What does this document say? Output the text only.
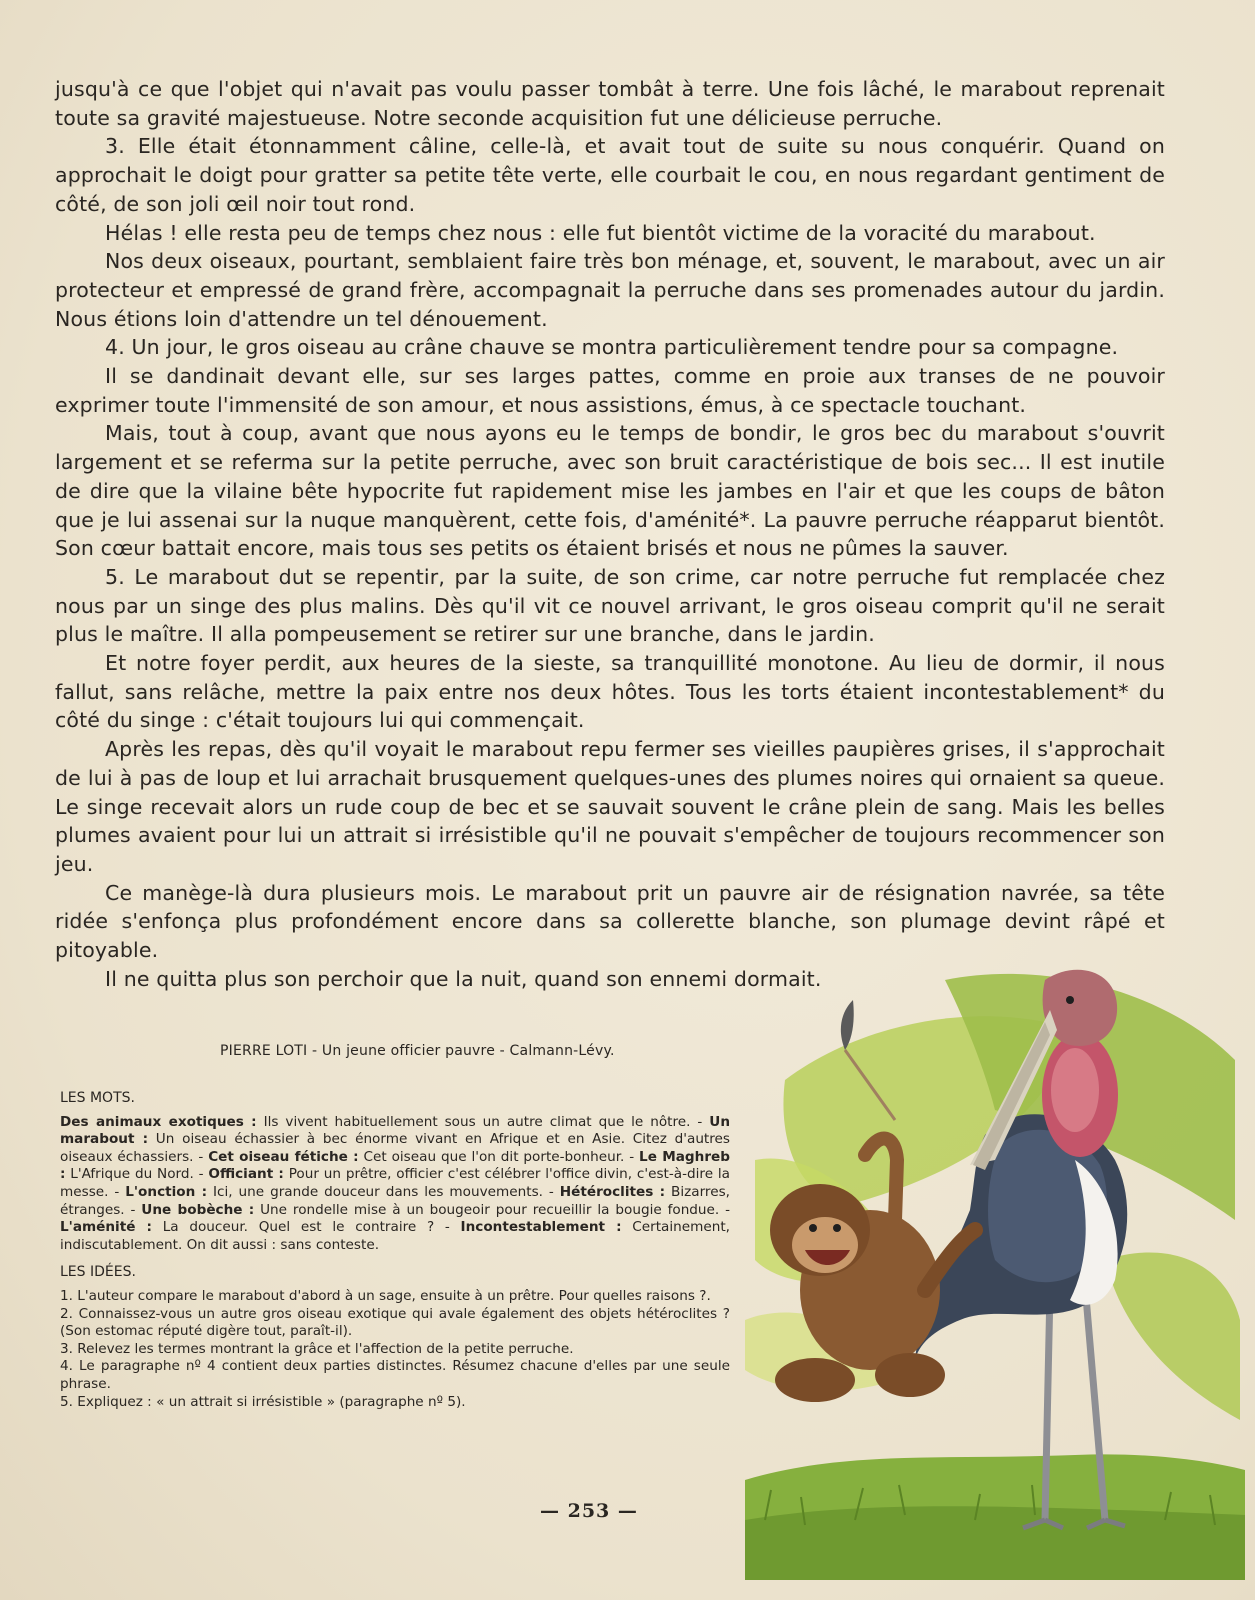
jusqu'à ce que l'objet qui n'avait pas voulu passer tombât à terre. Une fois lâché, le marabout reprenait toute sa gravité majestueuse. Notre seconde acquisition fut une délicieuse perruche.

3. Elle était étonnamment câline, celle-là, et avait tout de suite su nous conquérir. Quand on approchait le doigt pour gratter sa petite tête verte, elle courbait le cou, en nous regardant gentiment de côté, de son joli œil noir tout rond.

Hélas ! elle resta peu de temps chez nous : elle fut bientôt victime de la voracité du marabout.

Nos deux oiseaux, pourtant, semblaient faire très bon ménage, et, souvent, le marabout, avec un air protecteur et empressé de grand frère, accompagnait la perruche dans ses promenades autour du jardin. Nous étions loin d'attendre un tel dénouement.

4. Un jour, le gros oiseau au crâne chauve se montra particulièrement tendre pour sa compagne.

Il se dandinait devant elle, sur ses larges pattes, comme en proie aux transes de ne pouvoir exprimer toute l'immensité de son amour, et nous assistions, émus, à ce spectacle touchant.

Mais, tout à coup, avant que nous ayons eu le temps de bondir, le gros bec du marabout s'ouvrit largement et se referma sur la petite perruche, avec son bruit caractéristique de bois sec... Il est inutile de dire que la vilaine bête hypocrite fut rapidement mise les jambes en l'air et que les coups de bâton que je lui assenai sur la nuque manquèrent, cette fois, d'aménité*. La pauvre perruche réapparut bientôt. Son cœur battait encore, mais tous ses petits os étaient brisés et nous ne pûmes la sauver.

5. Le marabout dut se repentir, par la suite, de son crime, car notre perruche fut remplacée chez nous par un singe des plus malins. Dès qu'il vit ce nouvel arrivant, le gros oiseau comprit qu'il ne serait plus le maître. Il alla pompeusement se retirer sur une branche, dans le jardin.

Et notre foyer perdit, aux heures de la sieste, sa tranquillité monotone. Au lieu de dormir, il nous fallut, sans relâche, mettre la paix entre nos deux hôtes. Tous les torts étaient incontestablement* du côté du singe : c'était toujours lui qui commençait.

Après les repas, dès qu'il voyait le marabout repu fermer ses vieilles paupières grises, il s'approchait de lui à pas de loup et lui arrachait brusquement quelques-unes des plumes noires qui ornaient sa queue. Le singe recevait alors un rude coup de bec et se sauvait souvent le crâne plein de sang. Mais les belles plumes avaient pour lui un attrait si irrésistible qu'il ne pouvait s'empêcher de toujours recommencer son jeu.

Ce manège-là dura plusieurs mois. Le marabout prit un pauvre air de résignation navrée, sa tête ridée s'enfonça plus profondément encore dans sa collerette blanche, son plumage devint râpé et pitoyable.

Il ne quitta plus son perchoir que la nuit, quand son ennemi dormait.

PIERRE LOTI - Un jeune officier pauvre - Calmann-Lévy.

LES MOTS.

Des animaux exotiques : Ils vivent habituellement sous un autre climat que le nôtre. - Un marabout : Un oiseau échassier à bec énorme vivant en Afrique et en Asie. Citez d'autres oiseaux échassiers. - Cet oiseau fétiche : Cet oiseau que l'on dit porte-bonheur. - Le Maghreb : L'Afrique du Nord. - Officiant : Pour un prêtre, officier c'est célébrer l'office divin, c'est-à-dire la messe. - L'onction : Ici, une grande douceur dans les mouvements. - Hétéroclites : Bizarres, étranges. - Une bobèche : Une rondelle mise à un bougeoir pour recueillir la bougie fondue. - L'aménité : La douceur. Quel est le contraire ? - Incontestablement : Certainement, indiscutablement. On dit aussi : sans conteste.

LES IDÉES.

1. L'auteur compare le marabout d'abord à un sage, ensuite à un prêtre. Pour quelles raisons ?.

2. Connaissez-vous un autre gros oiseau exotique qui avale également des objets hétéroclites ? (Son estomac réputé digère tout, paraît-il).

3. Relevez les termes montrant la grâce et l'affection de la petite perruche.

4. Le paragraphe nº 4 contient deux parties distinctes. Résumez chacune d'elles par une seule phrase.

5. Expliquez : « un attrait si irrésistible » (paragraphe nº 5).

— 253 —
